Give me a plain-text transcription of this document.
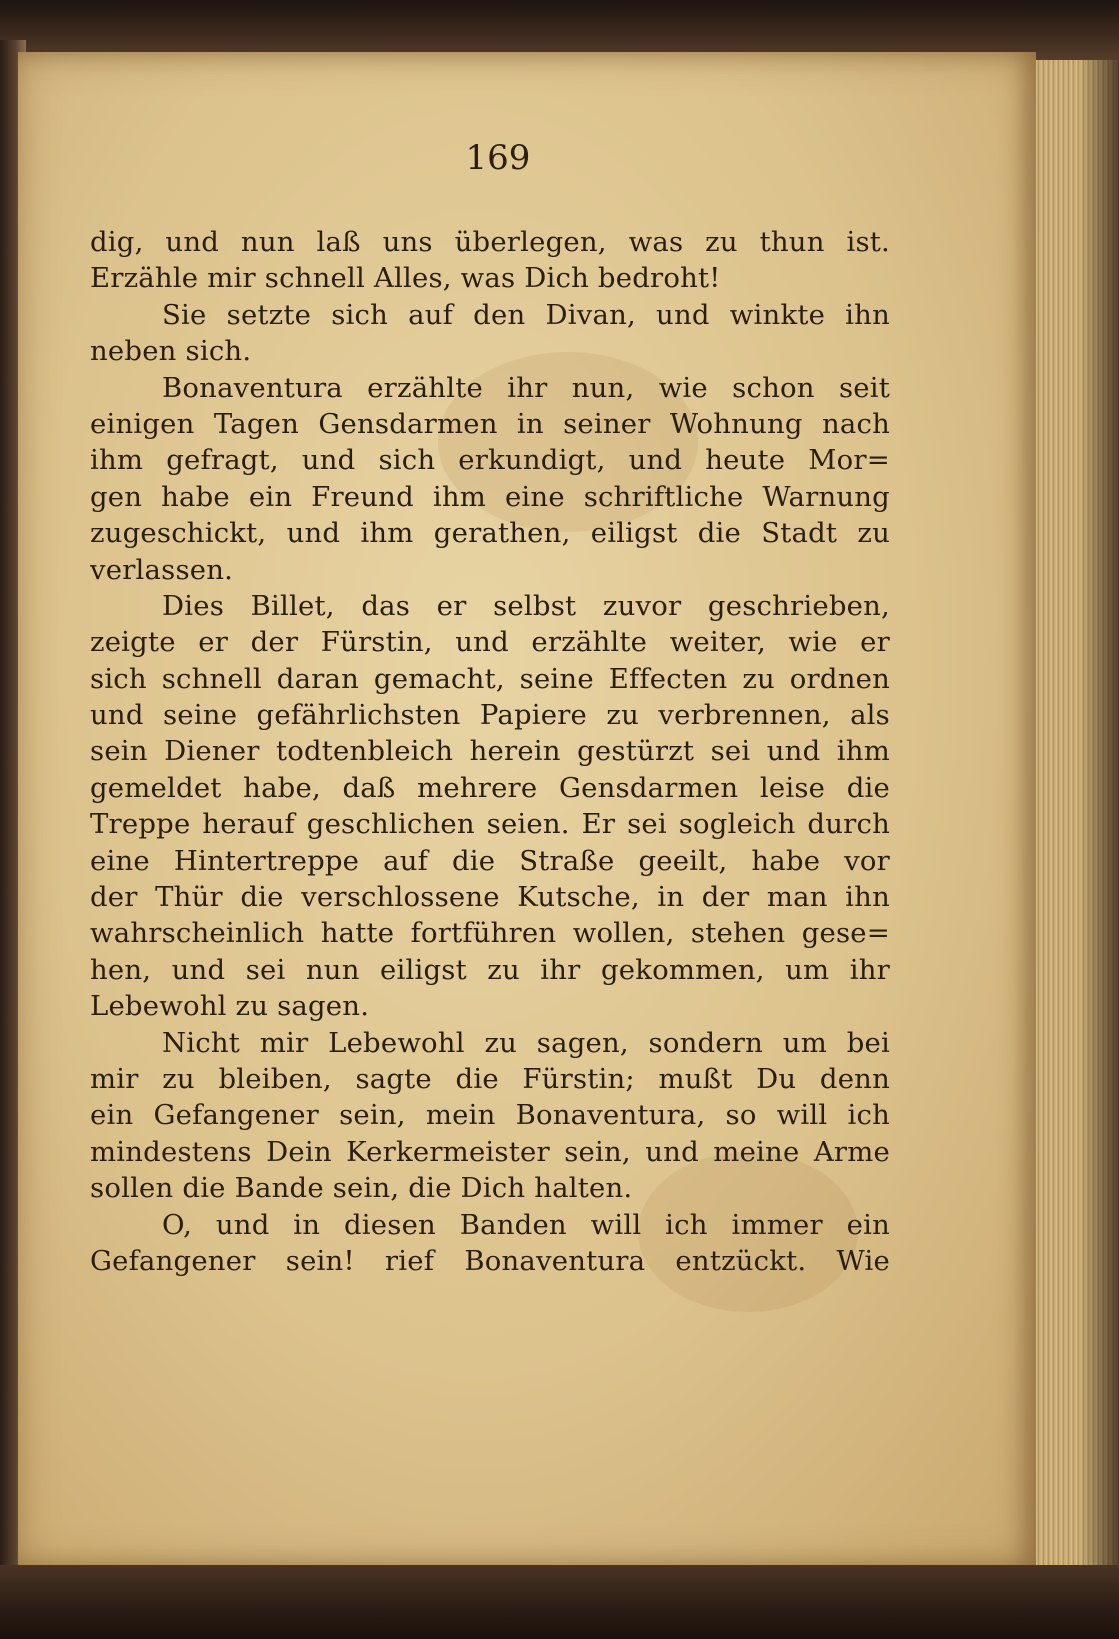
169
dig, und nun laß uns überlegen, was zu thun ist.
Erzähle mir schnell Alles, was Dich bedroht!
Sie setzte sich auf den Divan, und winkte ihn
neben sich.
Bonaventura erzählte ihr nun, wie schon seit
einigen Tagen Gensdarmen in seiner Wohnung nach
ihm gefragt, und sich erkundigt, und heute Mor=
gen habe ein Freund ihm eine schriftliche Warnung
zugeschickt, und ihm gerathen, eiligst die Stadt zu
verlassen.
Dies Billet, das er selbst zuvor geschrieben,
zeigte er der Fürstin, und erzählte weiter, wie er
sich schnell daran gemacht, seine Effecten zu ordnen
und seine gefährlichsten Papiere zu verbrennen, als
sein Diener todtenbleich herein gestürzt sei und ihm
gemeldet habe, daß mehrere Gensdarmen leise die
Treppe herauf geschlichen seien. Er sei sogleich durch
eine Hintertreppe auf die Straße geeilt, habe vor
der Thür die verschlossene Kutsche, in der man ihn
wahrscheinlich hatte fortführen wollen, stehen gese=
hen, und sei nun eiligst zu ihr gekommen, um ihr
Lebewohl zu sagen.
Nicht mir Lebewohl zu sagen, sondern um bei
mir zu bleiben, sagte die Fürstin; mußt Du denn
ein Gefangener sein, mein Bonaventura, so will ich
mindestens Dein Kerkermeister sein, und meine Arme
sollen die Bande sein, die Dich halten.
O, und in diesen Banden will ich immer ein
Gefangener sein! rief Bonaventura entzückt. Wie
